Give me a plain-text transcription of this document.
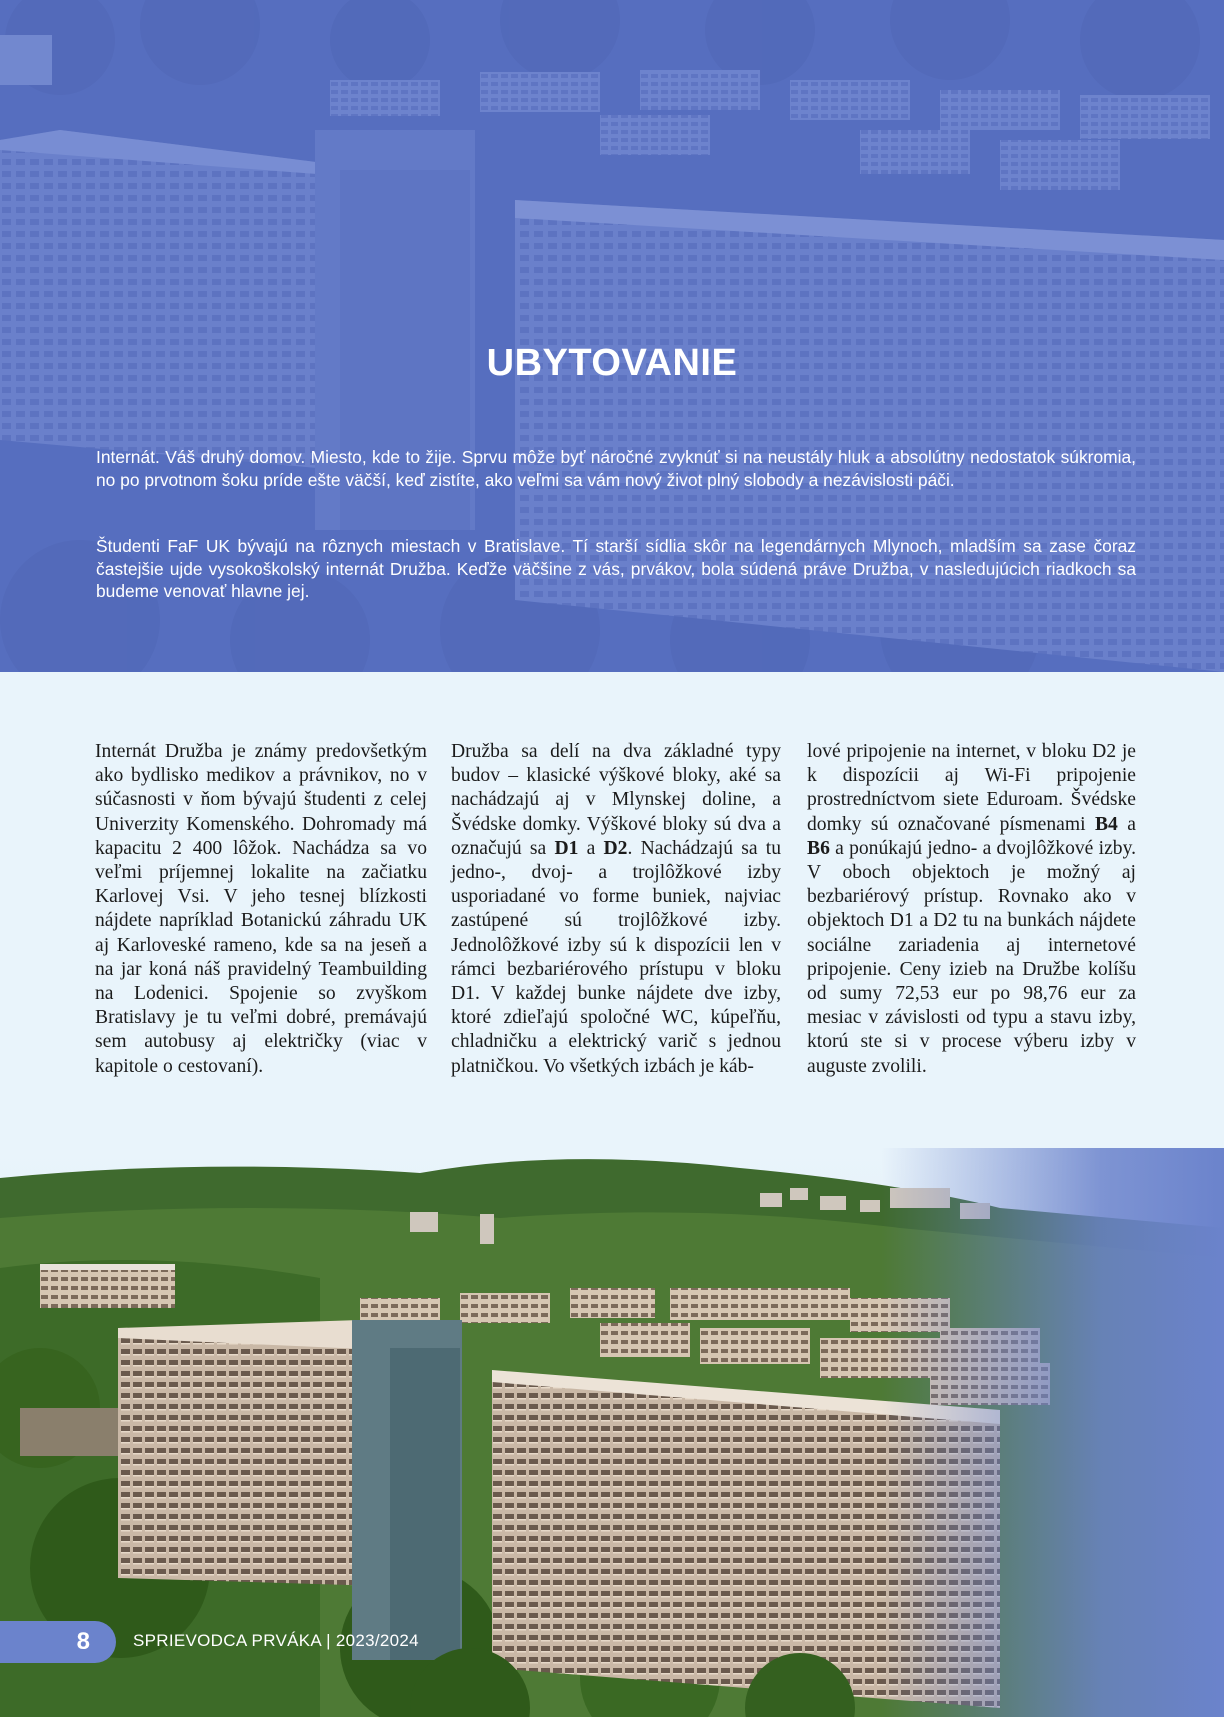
UBYTOVANIE

Internát. Váš druhý domov. Miesto, kde to žije. Sprvu môže byť náročné zvyknúť si na neustály hluk a absolútny nedostatok súkromia, no po prvotnom šoku príde ešte väčší, keď zistíte, ako veľmi sa vám nový život plný slobody a nezávislosti páči.

Študenti FaF UK bývajú na rôznych miestach v Bratislave. Tí starší sídlia skôr na legendárnych Mlynoch, mladším sa zase čoraz častejšie ujde vysokoškolský internát Družba. Keďže väčšine z vás, prvákov, bola súdená práve Družba, v nasledujúcich riadkoch sa budeme venovať hlavne jej.

Internát Družba je známy predovšetkým ako bydlisko medikov a právnikov, no v súčasnosti v ňom bývajú študenti z celej Univerzity Komenského. Dohromady má kapacitu 2 400 lôžok. Nachádza sa vo veľmi príjemnej lokalite na začiatku Karlovej Vsi. V jeho tesnej blízkosti nájdete napríklad Botanickú záhradu UK aj Karloveské rameno, kde sa na jeseň a na jar koná náš pravidelný Teambuilding na Lodenici. Spojenie so zvyškom Bratislavy je tu veľmi dobré, premávajú sem autobusy aj električky (viac v kapitole o cestovaní).

Družba sa delí na dva základné typy budov – klasické výškové bloky, aké sa nachádzajú aj v Mlynskej doline, a Švédske domky. Výškové bloky sú dva a označujú sa D1 a D2. Nachádzajú sa tu jedno-, dvoj- a trojlôžkové izby usporiadané vo forme buniek, najviac zastúpené sú trojlôžkové izby. Jednolôžkové izby sú k dispozícii len v rámci bezbariérového prístupu v bloku D1. V každej bunke nájdete dve izby, ktoré zdieľajú spoločné WC, kúpeľňu, chladničku a elektrický varič s jednou platničkou. Vo všetkých izbách je káb-

lové pripojenie na internet, v bloku D2 je k dispozícii aj Wi-Fi pripojenie prostredníctvom siete Eduroam. Švédske domky sú označované písmenami B4 a B6 a ponúkajú jedno- a dvojlôžkové izby. V oboch objektoch je možný aj bezbariérový prístup. Rovnako ako v objektoch D1 a D2 tu na bunkách nájdete sociálne zariadenia aj internetové pripojenie. Ceny izieb na Družbe kolíšu od sumy 72,53 eur po 98,76 eur za mesiac v závislosti od typu a stavu izby, ktorú ste si v procese výberu izby v auguste zvolili.

8	SPRIEVODCA PRVÁKA | 2023/2024
